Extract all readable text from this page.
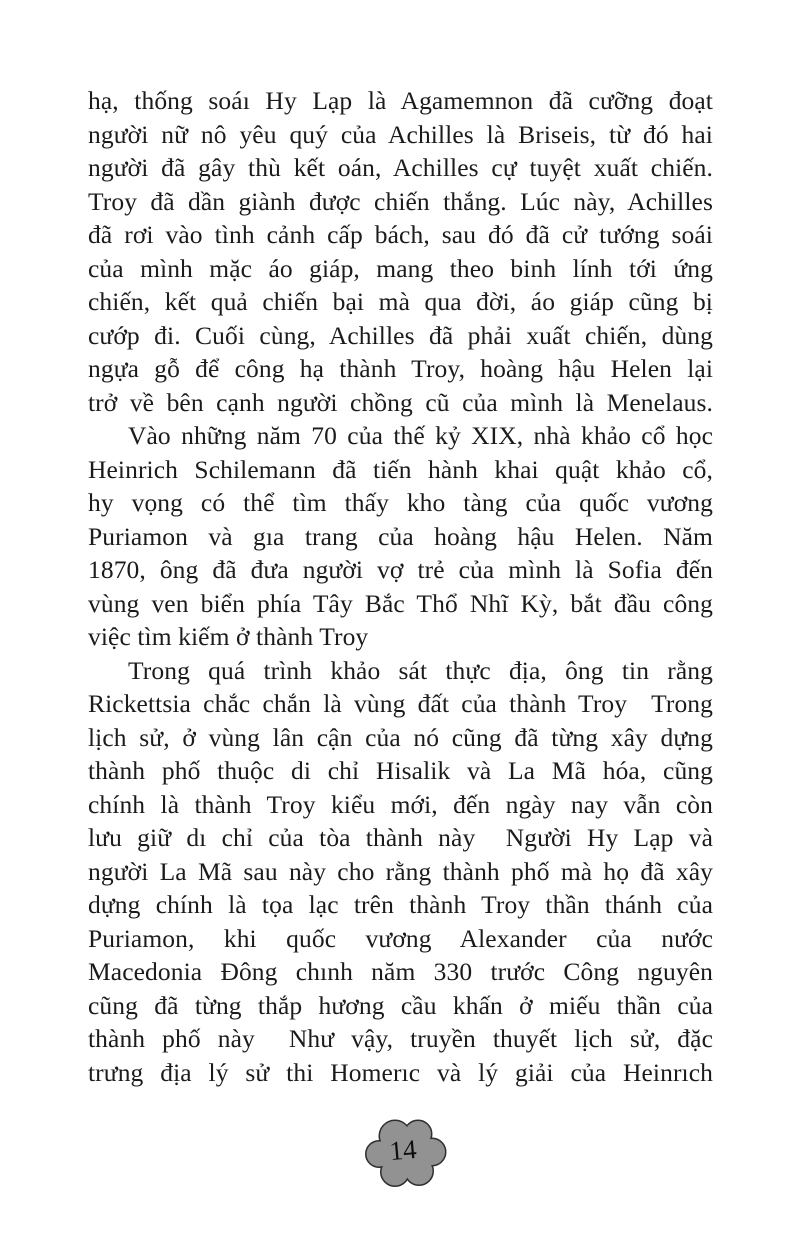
hạ, thống soáı Hy Lạp là Agamemnon đã cưỡng đoạt
người nữ nô yêu quý của Achilles là Briseis, từ đó hai
người đã gây thù kết oán, Achilles cự tuyệt xuất chiến.
Troy đã dần giành được chiến thắng. Lúc này, Achilles
đã rơi vào tình cảnh cấp bách, sau đó đã cử tướng soái
của mình mặc áo giáp, mang theo binh lính tới ứng
chiến, kết quả chiến bại mà qua đời, áo giáp cũng bị
cướp đi. Cuối cùng, Achilles đã phải xuất chiến, dùng
ngựa gỗ để công hạ thành Troy, hoàng hậu Helen lại
trở về bên cạnh người chồng cũ của mình là Menelaus.
Vào những năm 70 của thế kỷ XIX, nhà khảo cổ học
Heinrich Schilemann đã tiến hành khai quật khảo cổ,
hy vọng có thể tìm thấy kho tàng của quốc vương
Puriamon và gıa trang của hoàng hậu Helen. Năm
1870, ông đã đưa người vợ trẻ của mình là Sofia đến
vùng ven biển phía Tây Bắc Thổ Nhĩ Kỳ, bắt đầu công
việc tìm kiếm ở thành Troy
Trong quá trình khảo sát thực địa, ông tin rằng
Rickettsia chắc chắn là vùng đất của thành Troy  Trong
lịch sử, ở vùng lân cận của nó cũng đã từng xây dựng
thành phố thuộc di chỉ Hisalik và La Mã hóa, cũng
chính là thành Troy kiểu mới, đến ngày nay vẫn còn
lưu giữ dı chỉ của tòa thành này  Người Hy Lạp và
người La Mã sau này cho rằng thành phố mà họ đã xây
dựng chính là tọa lạc trên thành Troy thần thánh của
Puriamon, khi quốc vương Alexander của nước
Macedonia Đông chınh năm 330 trước Công nguyên
cũng đã từng thắp hương cầu khấn ở miếu thần của
thành phố này  Như vậy, truyền thuyết lịch sử, đặc
trưng địa lý sử thi Homerıc và lý giải của Heinrıch
14
